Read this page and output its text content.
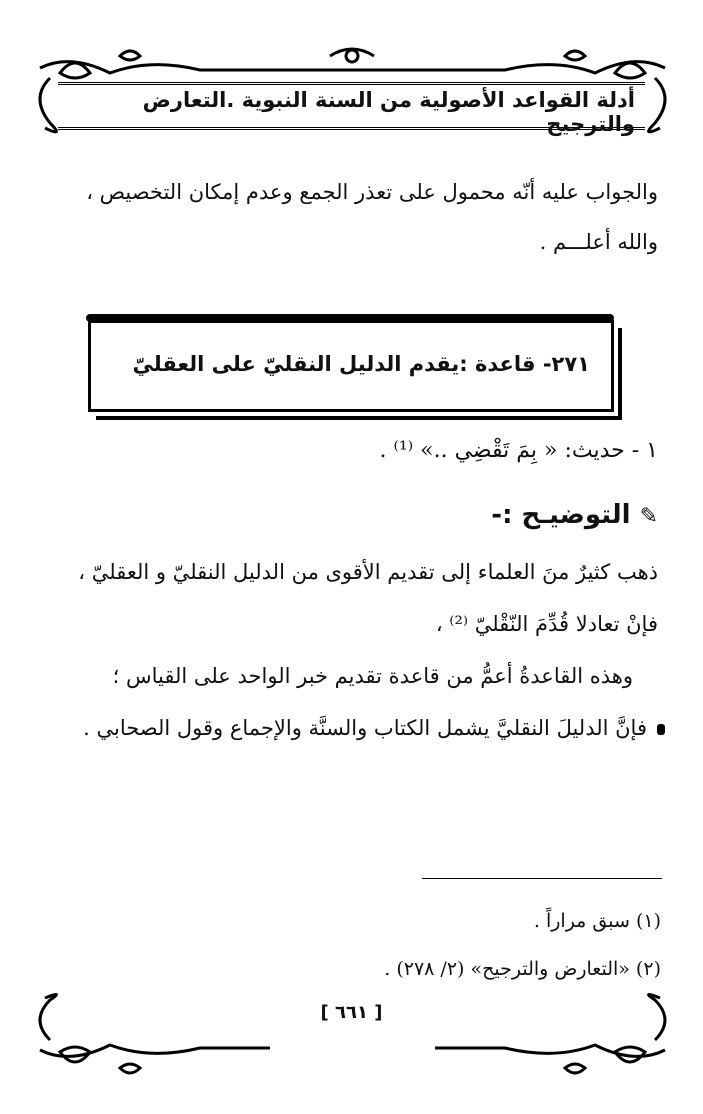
أدلة القواعد الأصولية من السنة النبوية .التعارض والترجيح
والجواب عليه أنّه محمول على تعذر الجمع وعدم إمكان التخصيص ،
والله أعلـــم .
٢٧١- قاعدة :يقدم الدليل النقليّ على العقليّ
١ - حديث: « بِمَ تَقْضِي ..» ⁽¹⁾ .
✎ التوضيـح :-
ذهب كثيرٌ منَ العلماء إلى تقديم الأقوى من الدليل النقليّ و العقليّ ،
فإنْ تعادلا قُدِّمَ النّقْليّ ⁽²⁾ ،
وهذه القاعدةُ أعمُّ من قاعدة تقديم خبر الواحد على القياس ؛
فإنَّ الدليلَ النقليَّ يشمل الكتاب والسنَّة والإجماع وقول الصحابي .
(١) سبق مراراً .
(٢) «التعارض والترجيح» (٢/ ٢٧٨) .
[ ٦٦١ ]
